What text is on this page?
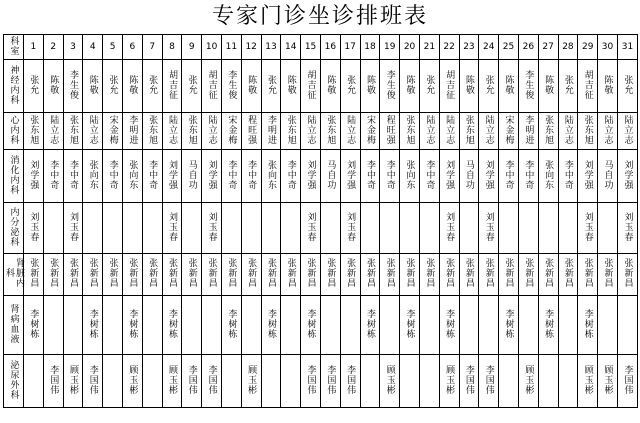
专家门诊坐诊排班表
科室	1	2	3	4	5	6	7	8	9	10	11	12	13	14	15	16	17	18	19	20	21	22	23	24	25	26	27	28	29	30	31
神经内科	张允	陈敬	李生俊	陈敬	张允	陈敬	张允	胡吉征	张允	胡吉征	李生俊	陈敬	张允	陈敬	胡吉征	陈敬	张允	陈敬	李生俊	陈敬	张允	胡吉征	陈敬	张允	陈敬	李生俊	陈敬	张允	胡吉征	陈敬	张允
心内科	张东旭	陆立志	张东旭	陆立志	宋金梅	李明进	张东旭	陆立志	张东旭	陆立志	宋金梅	程旺强	李明进	张东旭	陆立志	张东旭	陆立志	宋金梅	程旺强	张东旭	陆立志	陆立志	张东旭	陆立志	宋金梅	李明进	张东旭	陆立志	张东旭	陆立志	陆立志
消化内科	刘学强	李中奇	李中奇	张向东	李中奇	张向东	李中奇	刘学强	马自功	刘学强	李中奇	李中奇	张向东	李中奇	刘学强	马自功	刘学强	李中奇	李中奇	张向东	李中奇	刘学强	马自功	刘学强	李中奇	李中奇	张向东	李中奇	刘学强	马自功	刘学强
内分泌科	刘玉春		刘玉春					刘玉春		刘玉春					刘玉春		刘玉春					刘玉春		刘玉春					刘玉春		刘玉春
肾脏内科	张新昌	张新昌	张新昌	张新昌	张新昌	张新昌	张新昌	张新昌	张新昌	张新昌	张新昌	张新昌	张新昌	张新昌	张新昌	张新昌	张新昌	张新昌	张新昌	张新昌	张新昌	张新昌	张新昌	张新昌	张新昌	张新昌	张新昌	张新昌	张新昌	张新昌	张新昌
肾病血液	李树栋			李树栋		李树栋		李树栋			李树栋		李树栋		李树栋			李树栋		李树栋		李树栋			李树栋		李树栋		李树栋		
泌尿外科		李国伟	顾玉彬	李国伟		顾玉彬		顾玉彬	李国伟	李国伟		顾玉彬			李国伟	李国伟	李国伟		顾玉彬			顾玉彬	李国伟	李国伟		顾玉彬			顾玉彬	顾玉彬	李国伟
